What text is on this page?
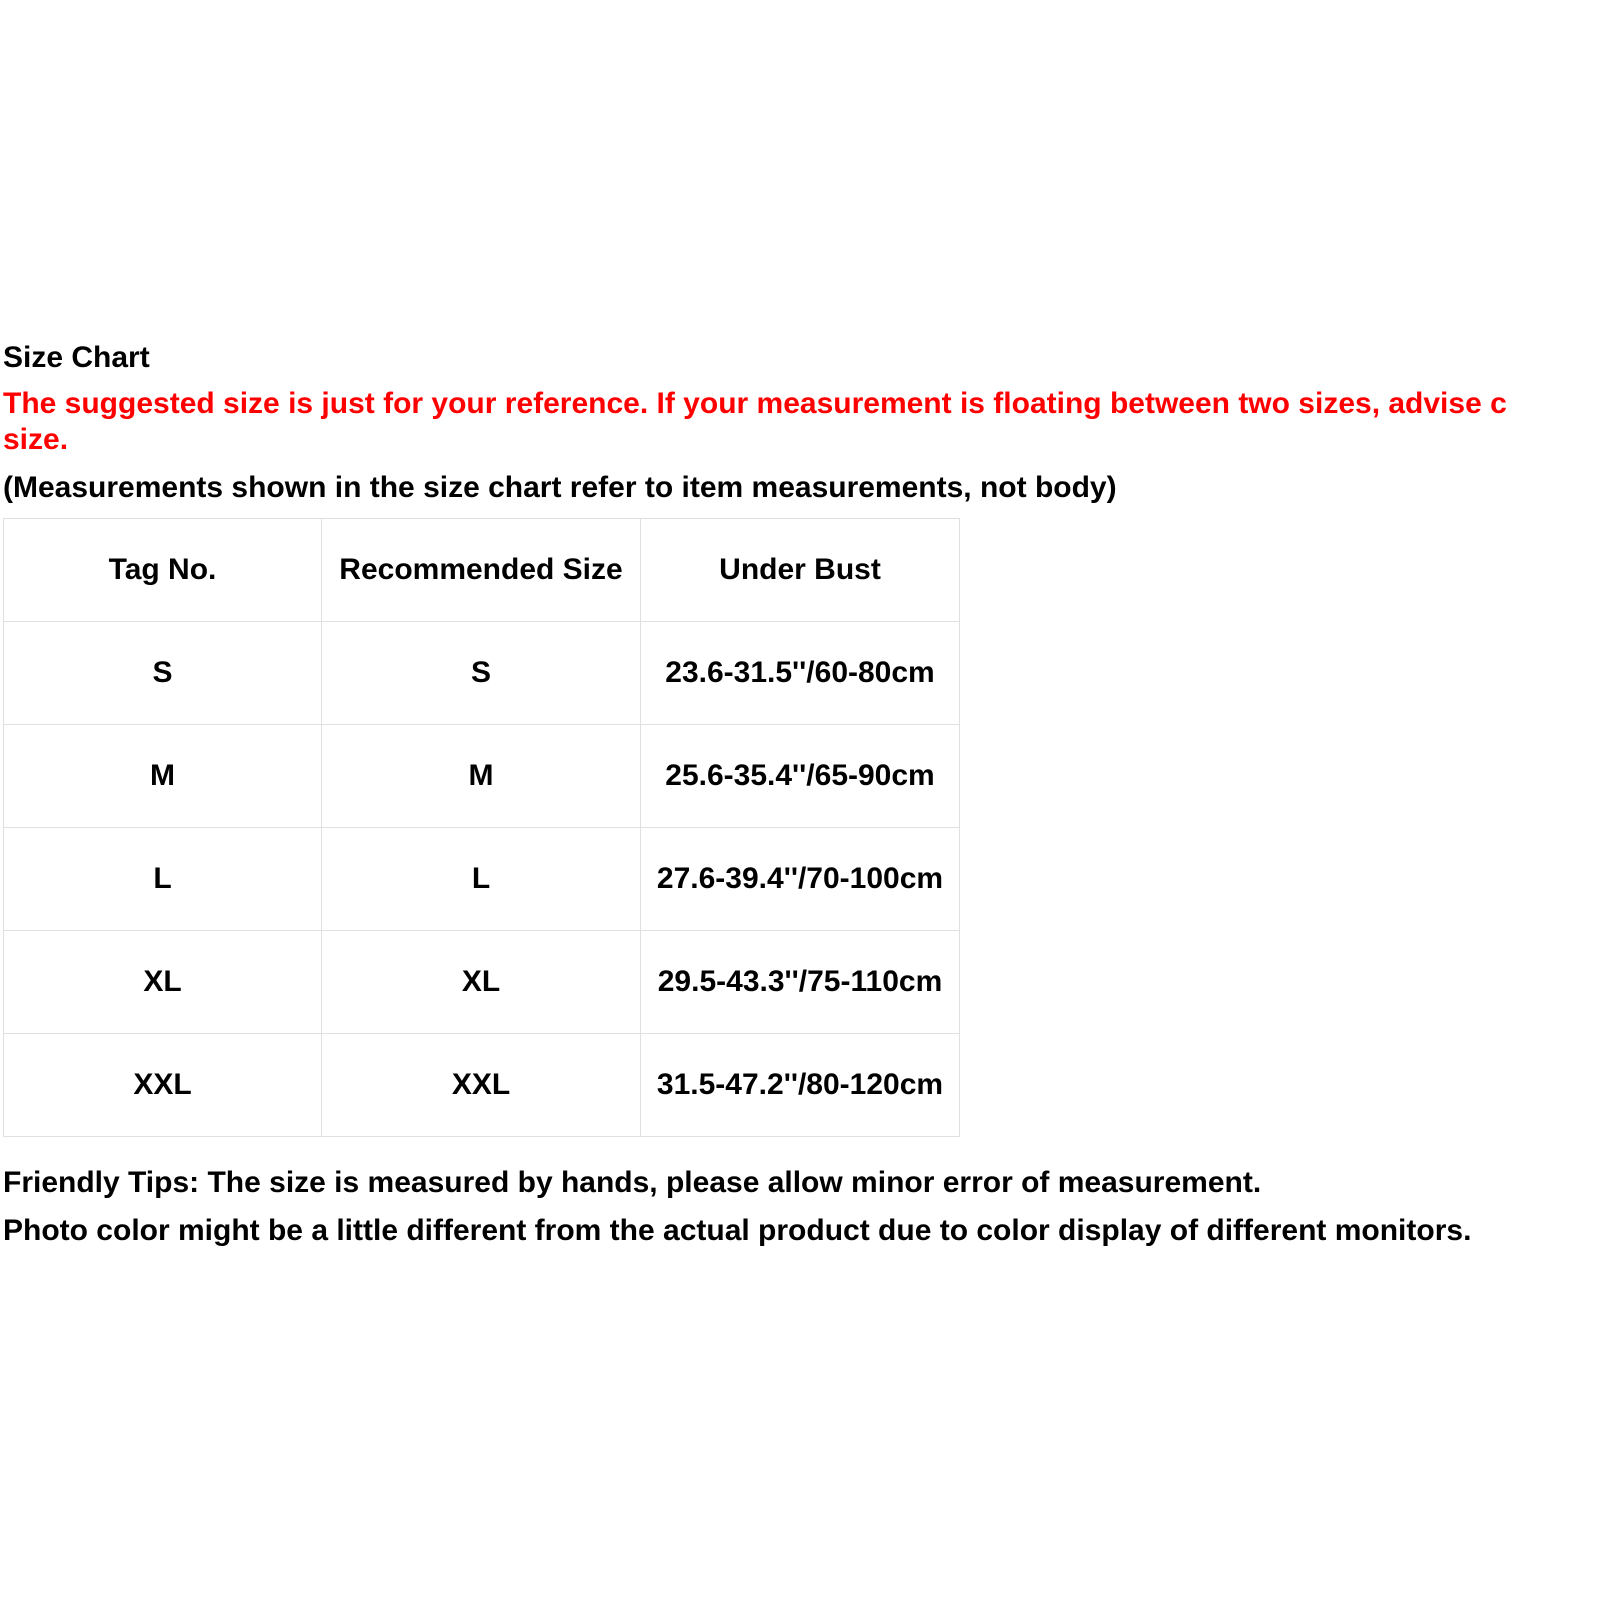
Size Chart
The suggested size is just for your reference. If your measurement is floating between two sizes, advise c
size.
(Measurements shown in the size chart refer to item measurements, not body)
Tag No.	Recommended Size	Under Bust
S	S	23.6-31.5''/60-80cm
M	M	25.6-35.4''/65-90cm
L	L	27.6-39.4''/70-100cm
XL	XL	29.5-43.3''/75-110cm
XXL	XXL	31.5-47.2''/80-120cm
Friendly Tips: The size is measured by hands, please allow minor error of measurement.
Photo color might be a little different from the actual product due to color display of different monitors.
